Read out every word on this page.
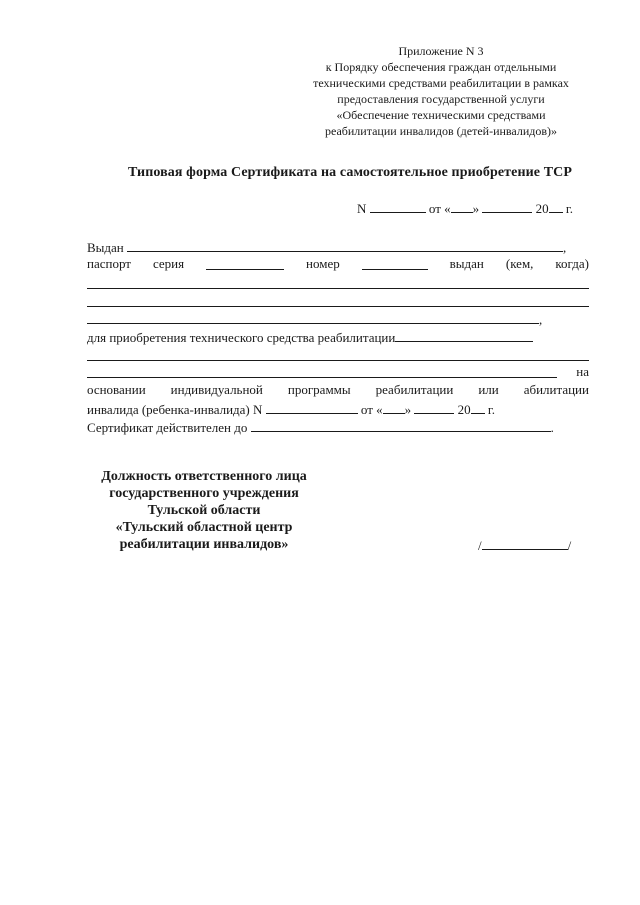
Приложение N 3
к Порядку обеспечения граждан отдельными
техническими средствами реабилитации в рамках
предоставления государственной услуги
«Обеспечение техническими средствами
реабилитации инвалидов (детей-инвалидов)»
Типовая форма Сертификата на самостоятельное приобретение ТСР
N	от « »	20 г.
Выдан	,
паспорт серия	номер	выдан (кем, когда)
,
для приобретения технического средства реабилитации
на
основании индивидуальной программы реабилитации или абилитации
инвалида (ребенка-инвалида) N	от « »	20 г.
Сертификат действителен до	.
Должность ответственного лица
государственного учреждения
Тульской области
«Тульский областной центр
реабилитации инвалидов»	/	/
